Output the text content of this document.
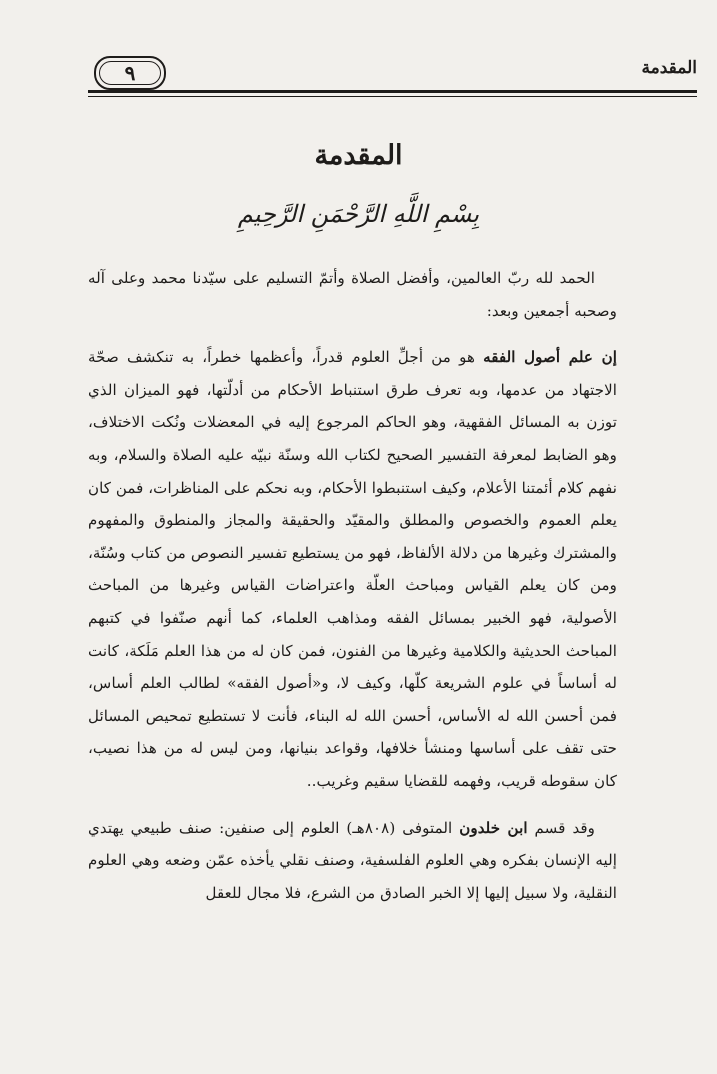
٩	المقدمة
المقدمة
بِسْمِ اللَّهِ الرَّحْمَنِ الرَّحِيمِ

الحمد لله ربّ العالمين، وأفضل الصلاة وأتمّ التسليم على سيّدنا محمد وعلى آله وصحبه أجمعين وبعد:

إن علم أصول الفقه هو من أجلِّ العلوم قدراً، وأعظمها خطراً، به تنكشف صحّة الاجتهاد من عدمها، وبه تعرف طرق استنباط الأحكام من أدلّتها، فهو الميزان الذي توزن به المسائل الفقهية، وهو الحاكم المرجوع إليه في المعضلات ونُكت الاختلاف، وهو الضابط لمعرفة التفسير الصحيح لكتاب الله وسنّة نبيّه عليه الصلاة والسلام، وبه نفهم كلام أئمتنا الأعلام، وكيف استنبطوا الأحكام، وبه نحكم على المناظرات، فمن كان يعلم العموم والخصوص والمطلق والمقيّد والحقيقة والمجاز والمنطوق والمفهوم والمشترك وغيرها من دلالة الألفاظ، فهو من يستطيع تفسير النصوص من كتاب وسُنّة، ومن كان يعلم القياس ومباحث العلّة واعتراضات القياس وغيرها من المباحث الأصولية، فهو الخبير بمسائل الفقه ومذاهب العلماء، كما أنهم صنّفوا في كتبهم المباحث الحديثية والكلامية وغيرها من الفنون، فمن كان له من هذا العلم مَلَكة، كانت له أساساً في علوم الشريعة كلّها، وكيف لا، و«أصول الفقه» لطالب العلم أساس، فمن أحسن الله له الأساس، أحسن الله له البناء، فأنت لا تستطيع تمحيص المسائل حتى تقف على أساسها ومنشأ خلافها، وقواعد بنيانها، ومن ليس له من هذا نصيب، كان سقوطه قريب، وفهمه للقضايا سقيم وغريب..

وقد قسم ابن خلدون المتوفى (٨٠٨هـ) العلوم إلى صنفين: صنف طبيعي يهتدي إليه الإنسان بفكره وهي العلوم الفلسفية، وصنف نقلي يأخذه عمّن وضعه وهي العلوم النقلية، ولا سبيل إليها إلا الخبر الصادق من الشرع، فلا مجال للعقل
